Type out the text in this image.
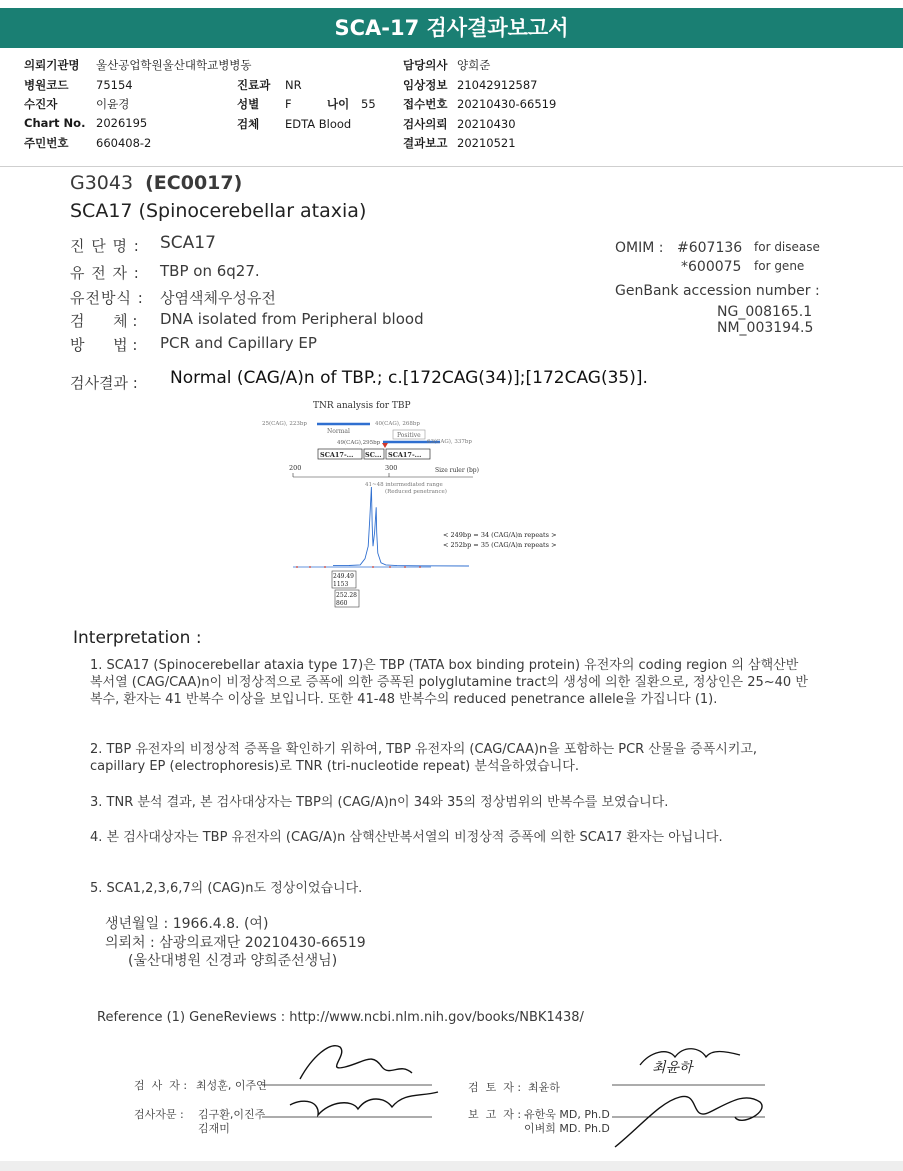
SCA-17 검사결과보고서
의뢰기관명 울산공업학원울산대학교병병동	담당의사 양희준
병원코드 75154	진료과 NR	임상정보 21042912587
수진자	이윤경	성별 F	나이 55 접수번호 20210430-66519
Chart No. 2026195	검체 EDTA Blood	검사의뢰 20210430
주민번호 660408-2	결과보고 20210521
G3043 (EC0017)
SCA17 (Spinocerebellar ataxia)
진 단 명 : SCA17
유 전 자 : TBP on 6q27.
유전방식 : 상염색체우성유전
검      체 : DNA isolated from Peripheral blood
방      법 : PCR and Capillary EP
OMIM : #607136 for disease
*600075 for gene
GenBank accession number :
NG_008165.1
NM_003194.5
검사결과 : Normal (CAG/A)n of TBP.; c.[172CAG(34)];[172CAG(35)].
TNR analysis for TBP
25(CAG), 223bp
Normal
40(CAG), 268bp
Positive
49(CAG),295bp	63(CAG), 337bp
SCA17-... SC... SCA17-...
200	300	Size ruler (bp)
41~48 intermediated range
(Reduced penetrance)
< 249bp = 34 (CAG/A)n repeats >
< 252bp = 35 (CAG/A)n repeats >
249.49
1153
252.28
860
Interpretation :
1. SCA17 (Spinocerebellar ataxia type 17)은 TBP (TATA box binding protein) 유전자의 coding region 의 삼핵산반복서열 (CAG/CAA)n이 비정상적으로 증폭에 의한 증폭된 polyglutamine tract의 생성에 의한 질환으로, 정상인은 25~40 반복수, 환자는 41 반복수 이상을 보입니다. 또한 41-48 반복수의 reduced penetrance allele을 가집니다 (1).
2. TBP 유전자의 비정상적 증폭을 확인하기 위하여, TBP 유전자의 (CAG/CAA)n을 포함하는 PCR 산물을 증폭시키고, capillary EP (electrophoresis)로 TNR (tri-nucleotide repeat) 분석을하였습니다.
3. TNR 분석 결과, 본 검사대상자는 TBP의 (CAG/A)n이 34와 35의 정상범위의 반복수를 보였습니다.
4. 본 검사대상자는 TBP 유전자의 (CAG/A)n 삼핵산반복서열의 비정상적 증폭에 의한 SCA17 환자는 아닙니다.
5. SCA1,2,3,6,7의 (CAG)n도 정상이었습니다.
생년월일 : 1966.4.8. (여)
의뢰처 : 삼광의료재단 20210430-66519
(울산대병원 신경과 양희준선생님)
Reference (1) GeneReviews : http://www.ncbi.nlm.nih.gov/books/NBK1438/
검  사  자 : 최성훈, 이주연	검  토  자 : 최윤하
검사자문 : 김구환,이진주
김재미
보  고  자 : 유한욱 MD, Ph.D
이벼희 MD. Ph.D
최윤하
